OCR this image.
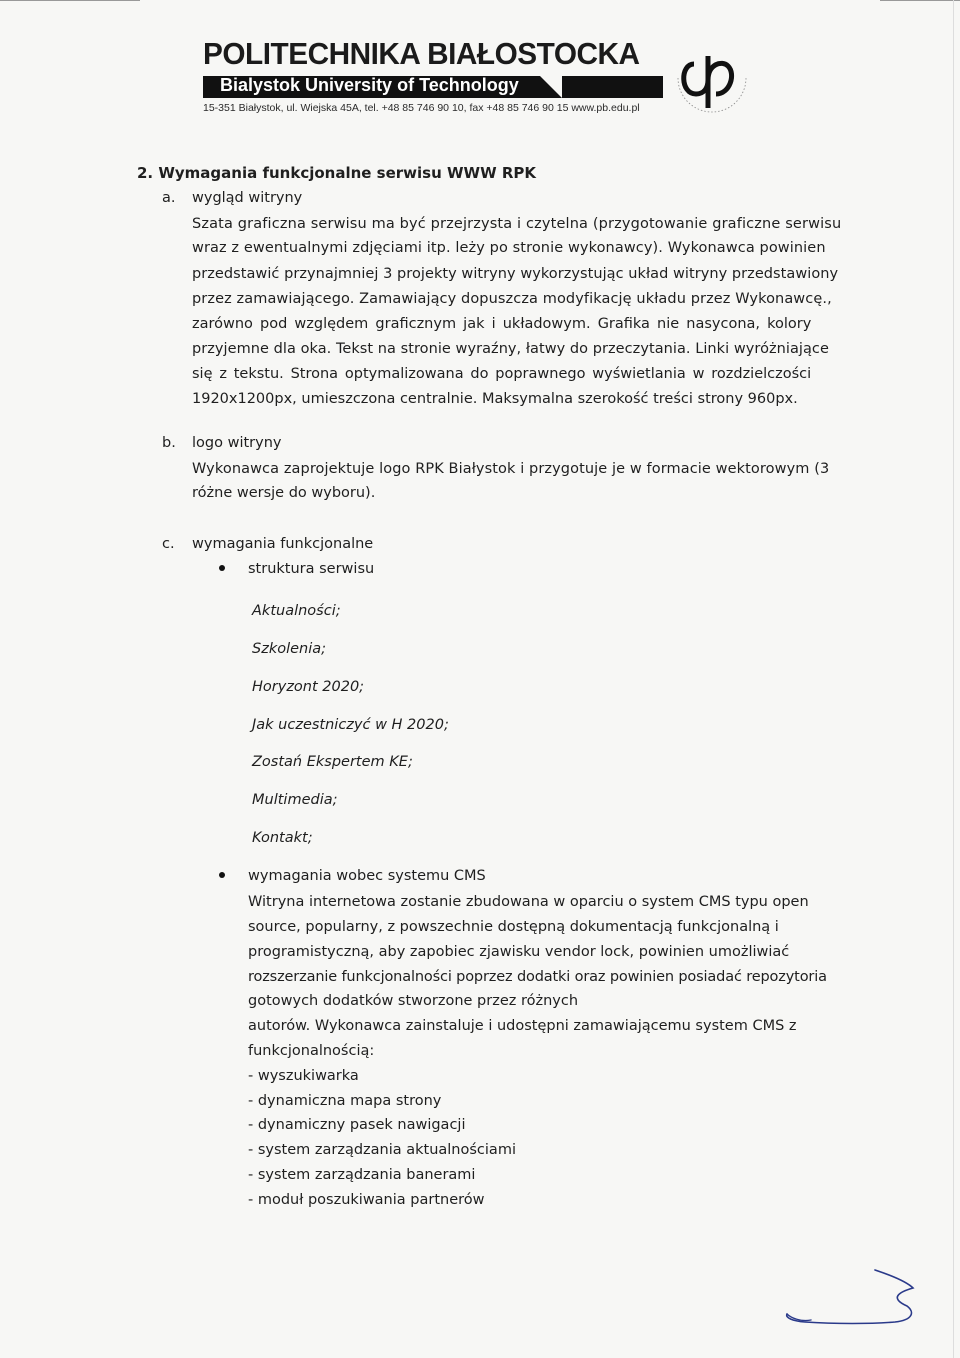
POLITECHNIKA BIAŁOSTOCKA
Bialystok University of Technology
15-351 Białystok, ul. Wiejska 45A, tel. +48 85 746 90 10, fax +48 85 746 90 15 www.pb.edu.pl
2. Wymagania funkcjonalne serwisu WWW RPK
a. wygląd witryny
Szata graficzna serwisu ma być przejrzysta i czytelna (przygotowanie graficzne serwisu
wraz z ewentualnymi zdjęciami itp. leży po stronie wykonawcy). Wykonawca powinien
przedstawić przynajmniej 3 projekty witryny wykorzystując układ witryny przedstawiony
przez zamawiającego. Zamawiający dopuszcza modyfikację układu przez Wykonawcę.,
zarówno pod względem graficznym jak i układowym. Grafika nie nasycona, kolory
przyjemne dla oka. Tekst na stronie wyraźny, łatwy do przeczytania. Linki wyróżniające
się z tekstu. Strona optymalizowana do poprawnego wyświetlania w rozdzielczości
1920x1200px, umieszczona centralnie. Maksymalna szerokość treści strony 960px.
b. logo witryny
Wykonawca zaprojektuje logo RPK Białystok i przygotuje je w formacie wektorowym (3
różne wersje do wyboru).
c. wymagania funkcjonalne
struktura serwisu
Aktualności;
Szkolenia;
Horyzont 2020;
Jak uczestniczyć w H 2020;
Zostań Ekspertem KE;
Multimedia;
Kontakt;
wymagania wobec systemu CMS
Witryna internetowa zostanie zbudowana w oparciu o system CMS typu open
source, popularny, z powszechnie dostępną dokumentacją funkcjonalną i
programistyczną, aby zapobiec zjawisku vendor lock, powinien umożliwiać
rozszerzanie funkcjonalności poprzez dodatki oraz powinien posiadać repozytoria
gotowych dodatków stworzone przez różnych
autorów. Wykonawca zainstaluje i udostępni zamawiającemu system CMS z
funkcjonalnością:
- wyszukiwarka
- dynamiczna mapa strony
- dynamiczny pasek nawigacji
- system zarządzania aktualnościami
- system zarządzania banerami
- moduł poszukiwania partnerów
